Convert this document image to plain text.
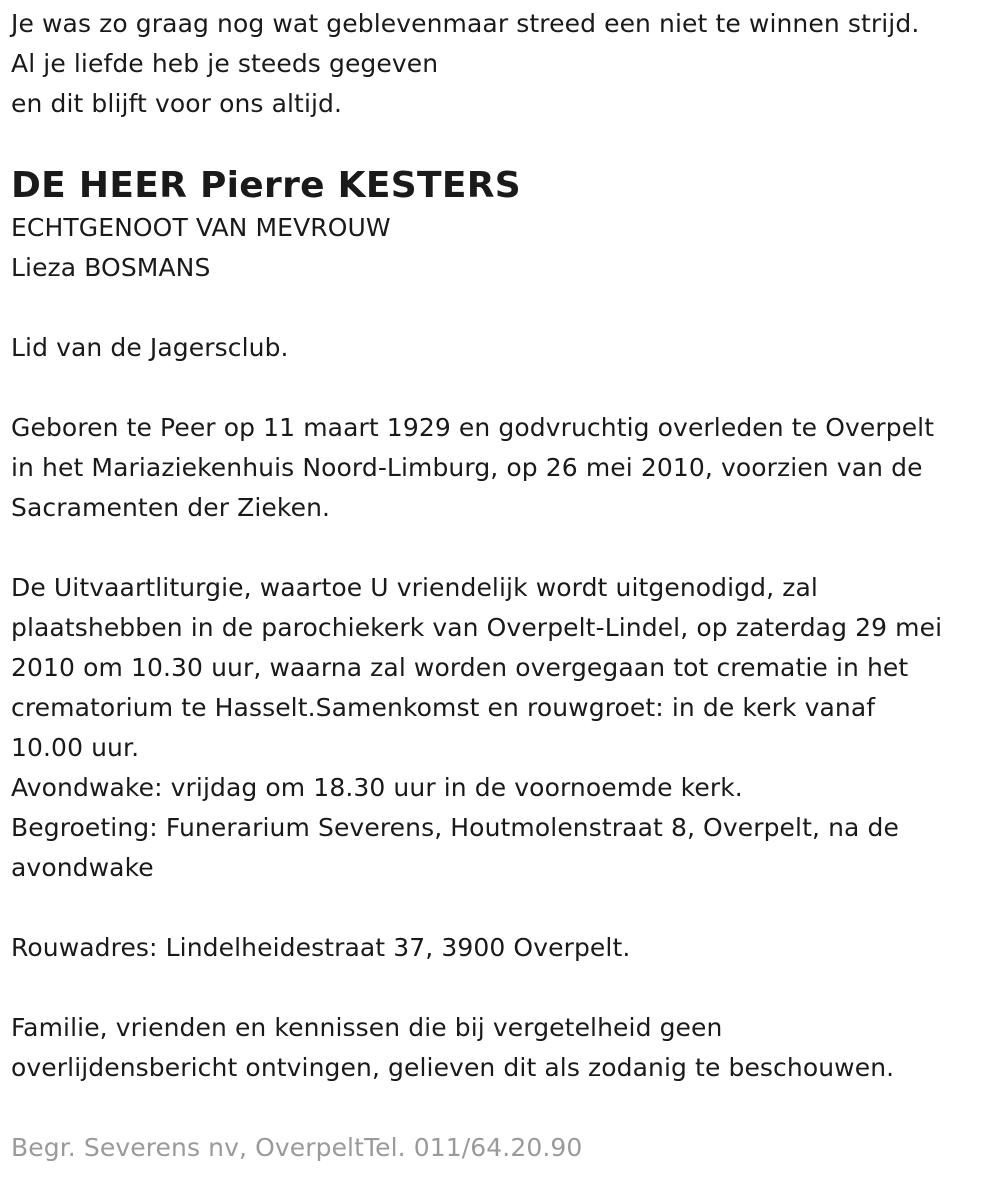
Je was zo graag nog wat geblevenmaar streed een niet te winnen strijd.
Al je liefde heb je steeds gegeven
en dit blijft voor ons altijd.
DE HEER Pierre KESTERS
ECHTGENOOT VAN MEVROUW
Lieza BOSMANS
Lid van de Jagersclub.
Geboren te Peer op 11 maart 1929 en godvruchtig overleden te Overpelt
in het Mariaziekenhuis Noord-Limburg, op 26 mei 2010, voorzien van de
Sacramenten der Zieken.
De Uitvaartliturgie, waartoe U vriendelijk wordt uitgenodigd, zal
plaatshebben in de parochiekerk van Overpelt-Lindel, op zaterdag 29 mei
2010 om 10.30 uur, waarna zal worden overgegaan tot crematie in het
crematorium te Hasselt.Samenkomst en rouwgroet: in de kerk vanaf
10.00 uur.
Avondwake: vrijdag om 18.30 uur in de voornoemde kerk.
Begroeting: Funerarium Severens, Houtmolenstraat 8, Overpelt, na de
avondwake
Rouwadres: Lindelheidestraat 37, 3900 Overpelt.
Familie, vrienden en kennissen die bij vergetelheid geen
overlijdensbericht ontvingen, gelieven dit als zodanig te beschouwen.
Begr. Severens nv, OverpeltTel. 011/64.20.90
